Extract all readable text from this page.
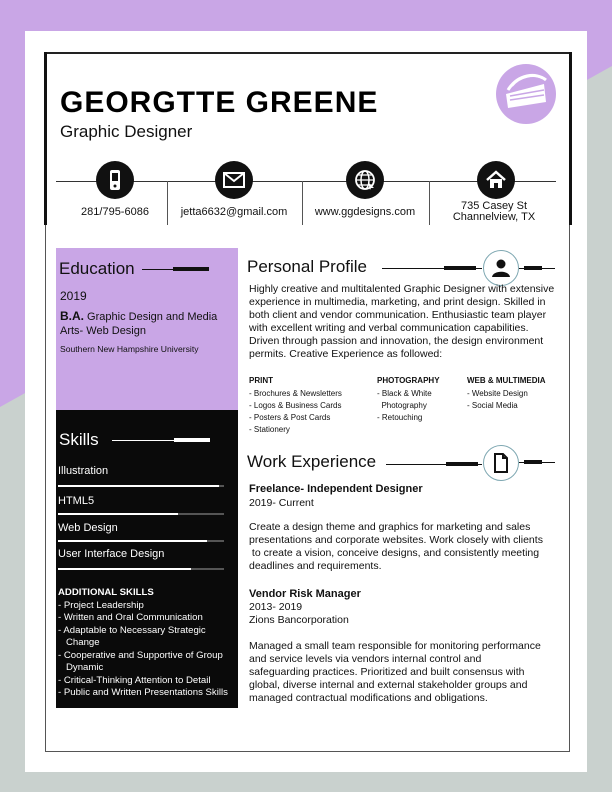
GEORGTTE GREENE
Graphic Designer
281/795-6086	jetta6632@gmail.com	www.ggdesigns.com	735 Casey St
Channelview, TX
Education
2019
B.A. Graphic Design and Media
Arts- Web Design
Southern New Hampshire University
Skills
Illustration
HTML5
Web Design
User Interface Design
ADDITIONAL SKILLS
- Project Leadership
- Written and Oral Communication
- Adaptable to Necessary Strategic
Change
- Cooperative and Supportive of Group
Dynamic
- Critical-Thinking Attention to Detail
- Public and Written Presentations Skills
Personal Profile
Highly creative and multitalented Graphic Designer with extensive
experience in multimedia, marketing, and print design. Skilled in
both client and vendor communication. Enthusiastic team player
with excellent writing and verbal communication capabilities.
Driven through passion and innovation, the design environment
permits. Creative Experience as followed:
PRINT
- Brochures & Newsletters
- Logos & Business Cards
- Posters & Post Cards
- Stationery
PHOTOGRAPHY
- Black & White
Photography
- Retouching
WEB & MULTIMEDIA
- Website Design
- Social Media
Work Experience
Freelance- Independent Designer
2019- Current
Create a design theme and graphics for marketing and sales
presentations and corporate websites. Work closely with clients
to create a vision, conceive designs, and consistently meeting
deadlines and requirements.
Vendor Risk Manager
2013- 2019
Zions Bancorporation
Managed a small team responsible for monitoring performance
and service levels via vendors internal control and
safeguarding practices. Prioritized and built consensus with
global, diverse internal and external stakeholder groups and
managed contractual modifications and obligations.
